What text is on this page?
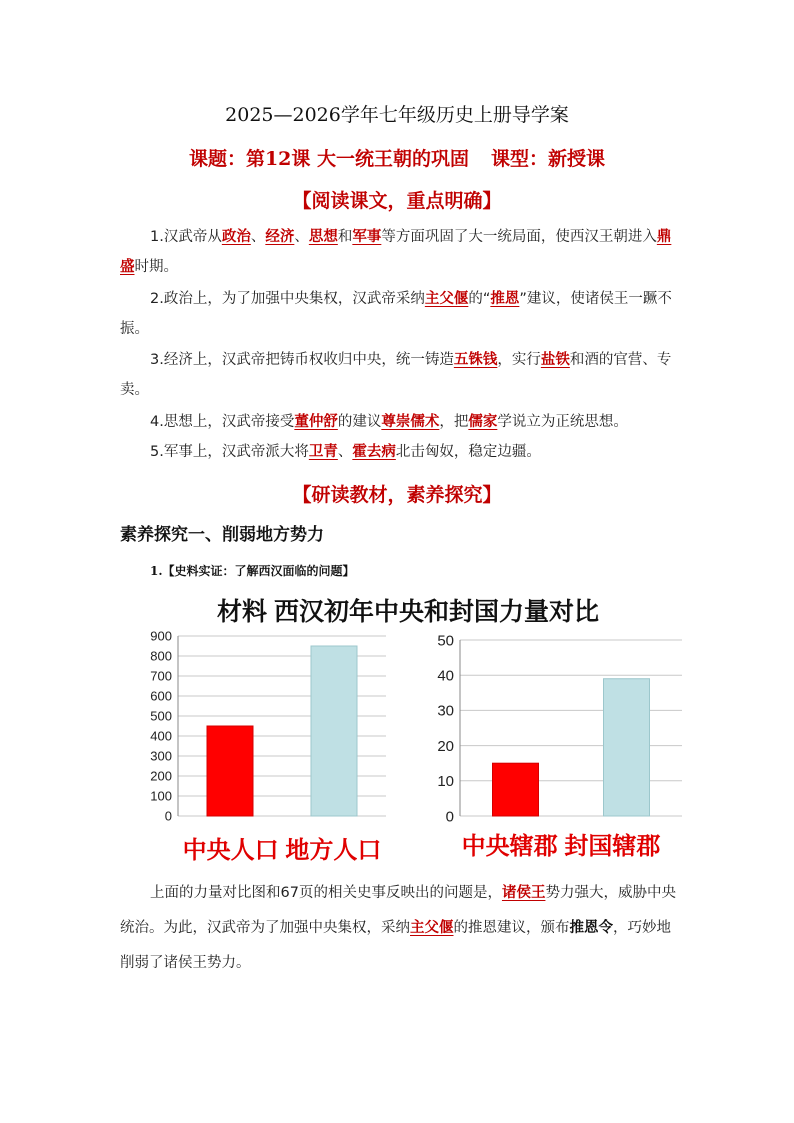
2025—2026学年七年级历史上册导学案
课题：第12课 大一统王朝的巩固 课型：新授课
【阅读课文，重点明确】
1.汉武帝从政治、经济、思想和军事等方面巩固了大一统局面，使西汉王朝进入鼎盛时期。
2.政治上，为了加强中央集权，汉武帝采纳主父偃的“推恩”建议，使诸侯王一蹶不振。
3.经济上，汉武帝把铸币权收归中央，统一铸造五铢钱，实行盐铁和酒的官营、专卖。
4.思想上，汉武帝接受董仲舒的建议尊崇儒术，把儒家学说立为正统思想。
5.军事上，汉武帝派大将卫青、霍去病北击匈奴，稳定边疆。
【研读教材，素养探究】
素养探究一、削弱地方势力
1.【史料实证：了解西汉面临的问题】
材料 西汉初年中央和封国力量对比
0
100
200
300
400
500
600
700
800
900
中央人口 地方人口
0
10
20
30
40
50
中央辖郡 封国辖郡
上面的力量对比图和67页的相关史事反映出的问题是，诸侯王势力强大，威胁中央统治。为此，汉武帝为了加强中央集权，采纳主父偃的推恩建议，颁布推恩令，巧妙地削弱了诸侯王势力。
